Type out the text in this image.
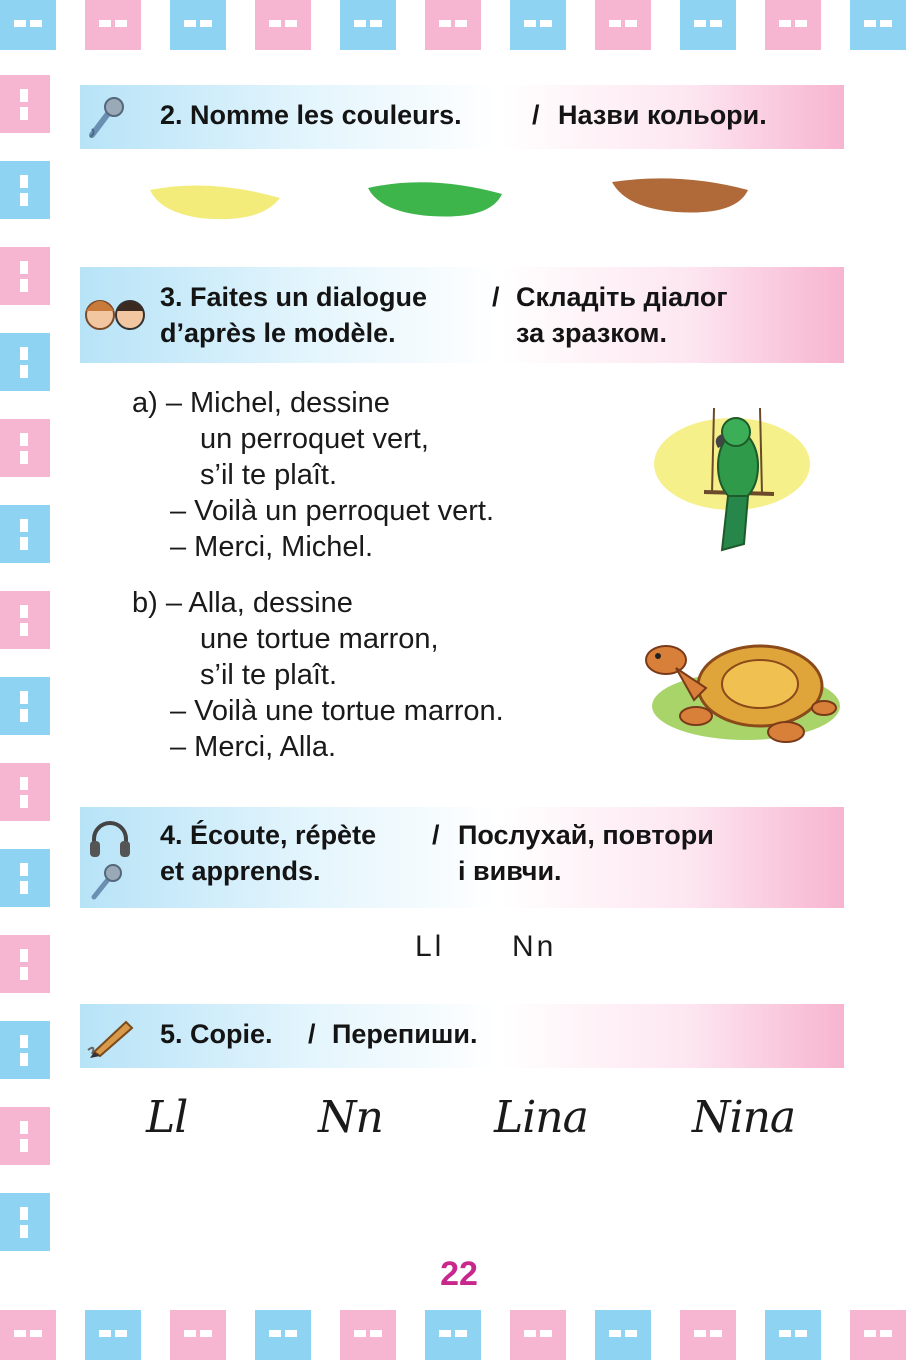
2. Nomme les couleurs.	/ Назви кольори.
3. Faites un dialogue
d’après le modèle.
/ Складіть діалог
за зразком.
a) – Michel, dessine
un perroquet vert,
s’il te plaît.
– Voilà un perroquet vert.
– Merci, Michel.
b) – Alla, dessine
une tortue marron,
s’il te plaît.
– Voilà une tortue marron.
– Merci, Alla.
4. Écoute, répète
et apprends.
/ Послухай, повтори
і вивчи.
Ll Nn
5. Copie. / Перепиши.
Ll	Nn	Lina Nina
22
